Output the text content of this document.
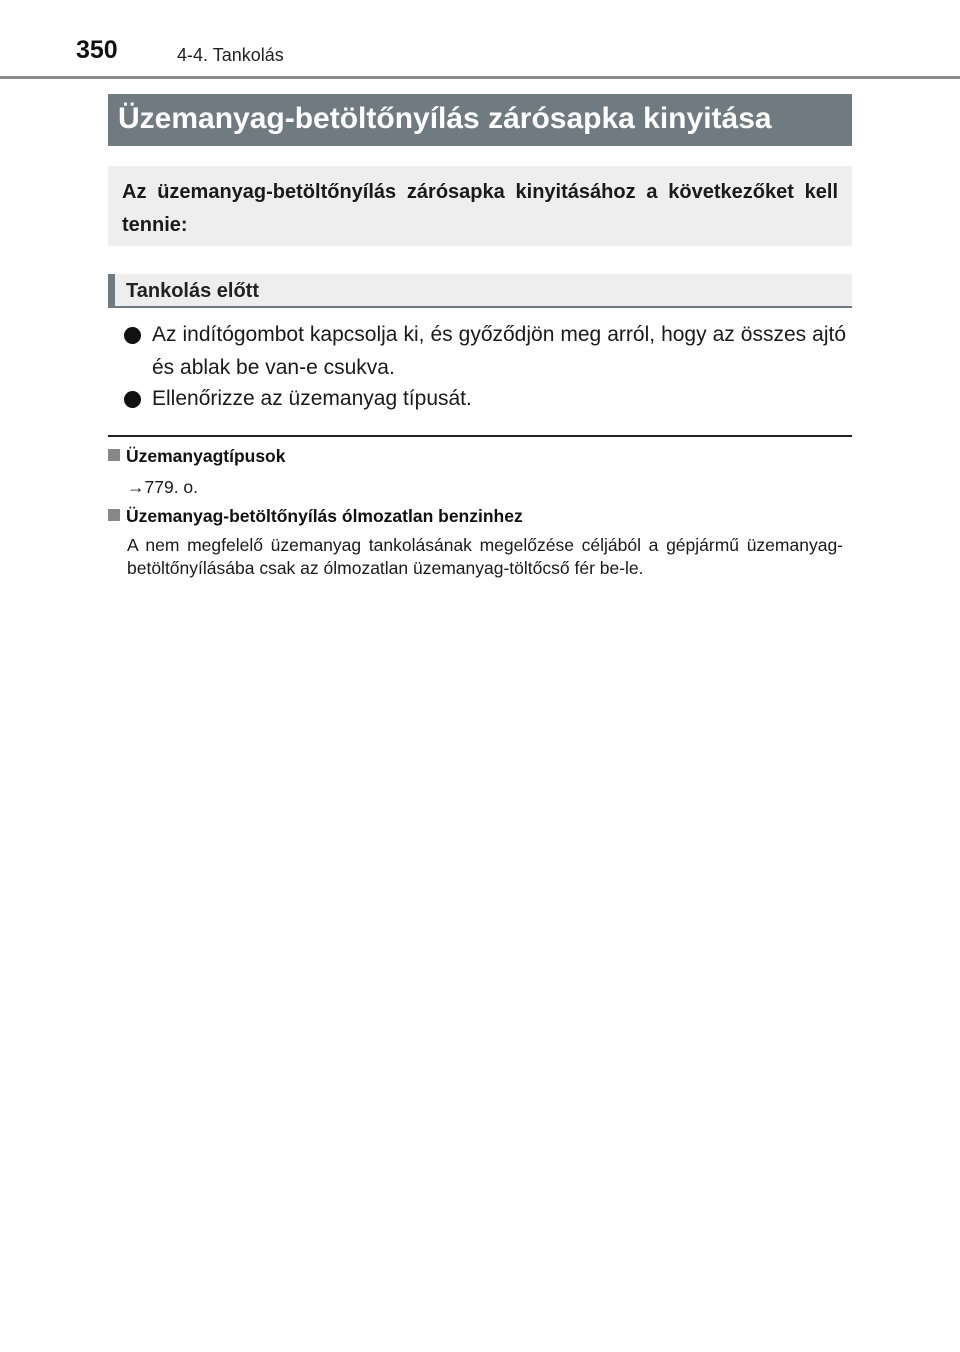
350	4-4. Tankolás
Üzemanyag-betöltőnyílás zárósapka kinyitása
Az üzemanyag-betöltőnyílás zárósapka kinyitásához a következőket kell tennie:
Tankolás előtt
Az indítógombot kapcsolja ki, és győződjön meg arról, hogy az összes ajtó és ablak be van-e csukva.
Ellenőrizze az üzemanyag típusát.
Üzemanyagtípusok
→779. o.
Üzemanyag-betöltőnyílás ólmozatlan benzinhez
A nem megfelelő üzemanyag tankolásának megelőzése céljából a gépjármű üzemanyag-betöltőnyílásába csak az ólmozatlan üzemanyag-töltőcső fér be-le.
